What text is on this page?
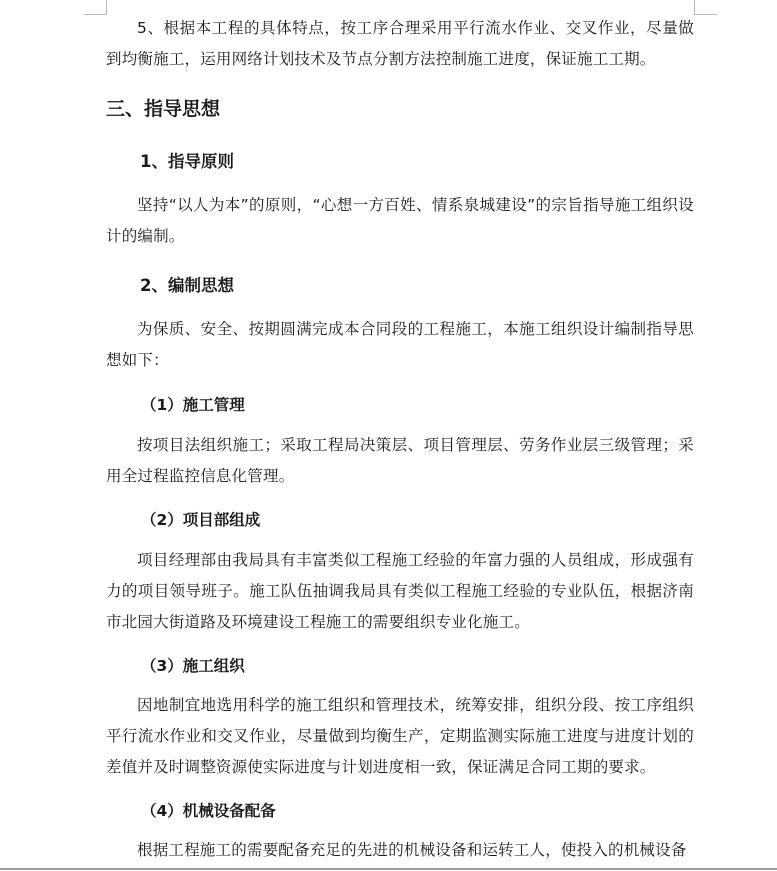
5、根据本工程的具体特点，按工序合理采用平行流水作业、交叉作业，尽量做到均衡施工，运用网络计划技术及节点分割方法控制施工进度，保证施工工期。

三、指导思想
1、指导原则

坚持“以人为本”的原则，“心想一方百姓、情系泉城建设”的宗旨指导施工组织设计的编制。

2、编制思想

为保质、安全、按期圆满完成本合同段的工程施工，本施工组织设计编制指导思想如下：

（1）施工管理

按项目法组织施工；采取工程局决策层、项目管理层、劳务作业层三级管理；采用全过程监控信息化管理。

（2）项目部组成

项目经理部由我局具有丰富类似工程施工经验的年富力强的人员组成，形成强有力的项目领导班子。施工队伍抽调我局具有类似工程施工经验的专业队伍，根据济南市北园大街道路及环境建设工程施工的需要组织专业化施工。

（3）施工组织

因地制宜地选用科学的施工组织和管理技术，统筹安排，组织分段、按工序组织平行流水作业和交叉作业，尽量做到均衡生产，定期监测实际施工进度与进度计划的差值并及时调整资源使实际进度与计划进度相一致，保证满足合同工期的要求。

（4）机械设备配备

根据工程施工的需要配备充足的先进的机械设备和运转工人，使投入的机械设备
